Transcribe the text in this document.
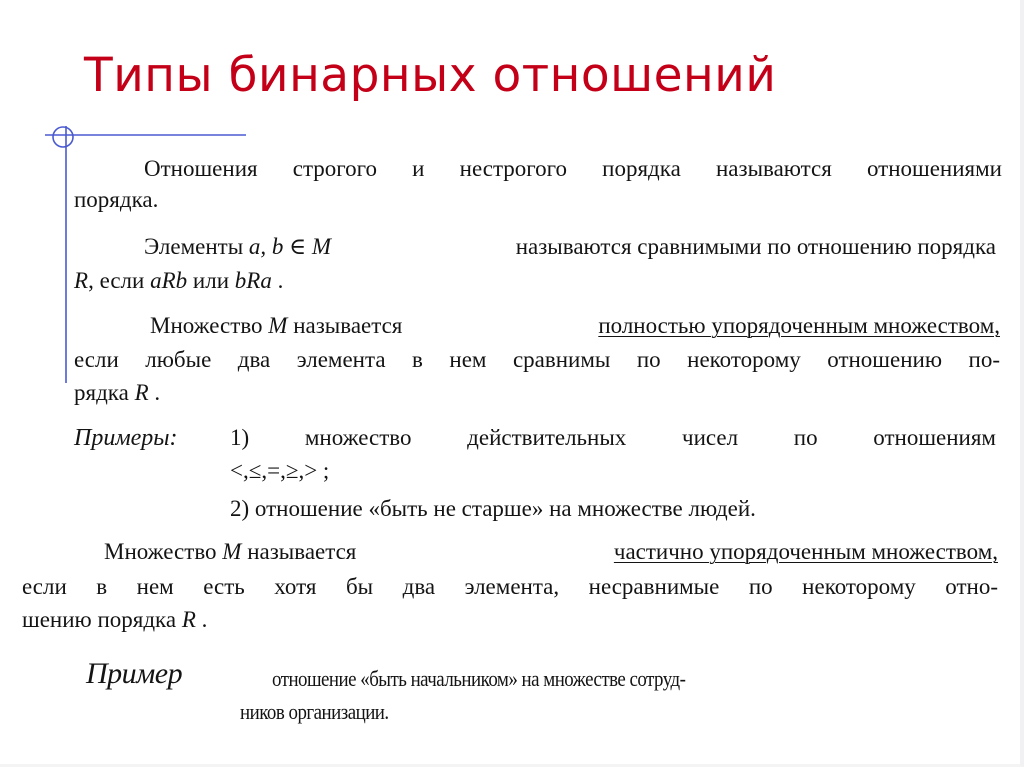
Типы бинарных отношений
Отношения строгого и нестрогого порядка называются отношениями
порядка.
Элементы a, b ∈ M	называются сравнимыми по отношению порядка
R, если aRb или bRa .
Множество M называется	полностью упорядоченным множеством,
если любые два элемента в нем сравнимы по некоторому отношению по-
рядка R .
Примеры: 1) множество действительных чисел по отношениям
<,≤,=,≥,> ;
2) отношение «быть не старше» на множестве людей.
Множество M называется	частично упорядоченным множеством,
если в нем есть хотя бы два элемента, несравнимые по некоторому отно-
шению порядка R .
Пример	отношение «быть начальником» на множестве сотруд-
ников организации.
